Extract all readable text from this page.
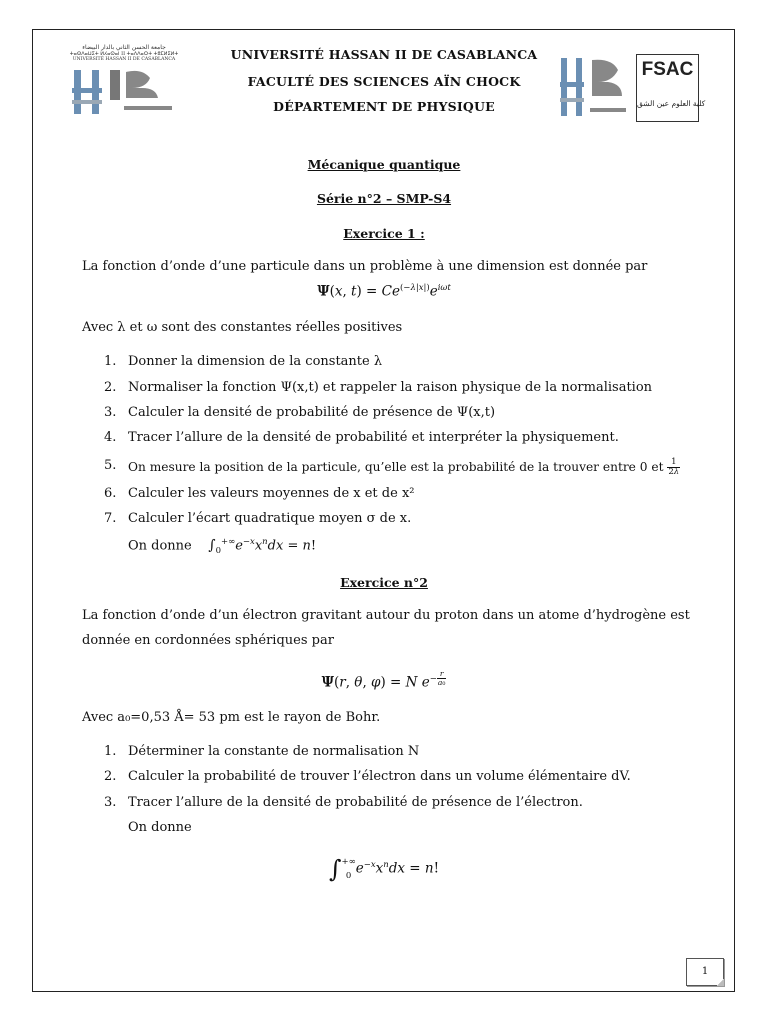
جامعة الحسن الثاني بالدار البيضاء
ⵜⴰⵙⴷⴰⵡⵉⵜ ⵍⵃⴰⵙⴰⵏ II ⵜⴰⴷⴷⴰⵔⵜ ⵜⵓⵎⵍⵉⵍⵜ
UNIVERSITÉ HASSAN II DE CASABLANCA	FSAC
كلية العلوم عين الشق
UNIVERSITÉ HASSAN II DE CASABLANCA
FACULTÉ DES SCIENCES AÏN CHOCK
DÉPARTEMENT DE PHYSIQUE
Mécanique quantique
Série n°2 – SMP-S4
Exercice 1 :
La fonction d’onde d’une particule dans un problème à une dimension est donnée par
Ψ(x, $t) = Ce^{(-\lambda|x|)}e^{i\omega t}$
Avec λ et ω sont des constantes réelles positives
1. Donner la dimension de la constante λ
2. Normaliser la fonction Ψ(x,t) et rappeler la raison physique de la normalisation
3. Calculer la densité de probabilité de présence de Ψ(x,t)
4. Tracer l’allure de la densité de probabilité et interpréter la physiquement.
5. On mesure la position de la particule, qu’elle est la probabilité de la trouver entre 0 et $\frac{1}{2\lambda}$
6. Calculer les valeurs moyennes de x et de x²
7. Calculer l’écart quadratique moyen σ de x.
On donne $\int_0^{+\infty}e^{-x}x^ndx = n$!
Exercice n°2
La fonction d’onde d’un électron gravitant autour du proton dans un atome d’hydrogène est
donnée en cordonnées sphériques par
Ψ(r, θ, φ) = N $e^{- \frac{r}{\text{a₀}}}$
Avec a₀=0,53 Å= 53 pm est le rayon de Bohr.
1. Déterminer la constante de normalisation N
2. Calculer la probabilité de trouver l’électron dans un volume élémentaire dV.
3. Tracer l’allure de la densité de probabilité de présence de l’électron.
On donne
∫ +∞
0 $e^{-x}x^ndx = n$!
1
